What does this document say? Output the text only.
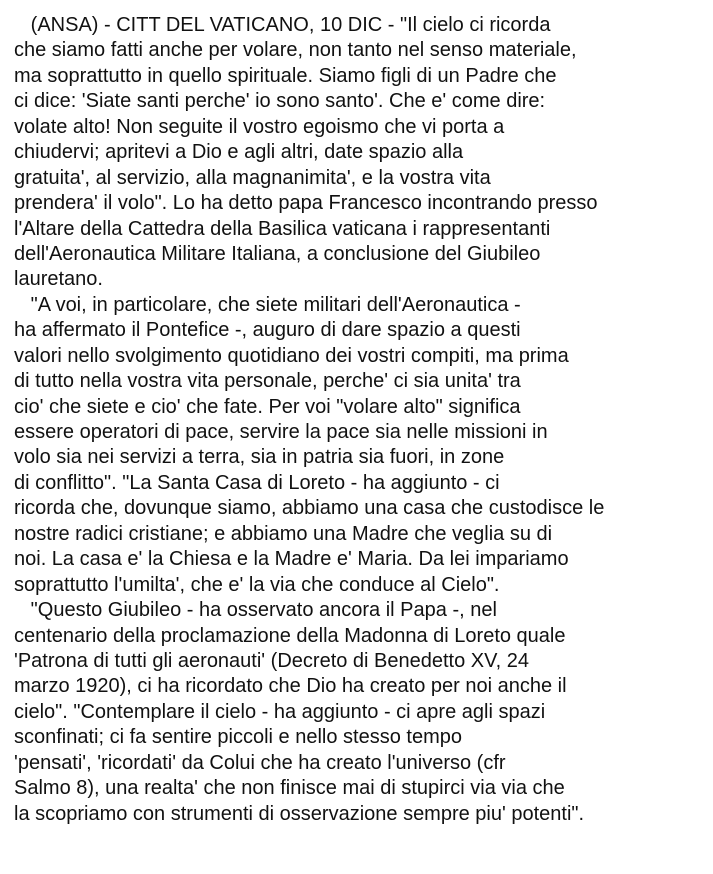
(ANSA) - CITT DEL VATICANO, 10 DIC - "Il cielo ci ricorda
che siamo fatti anche per volare, non tanto nel senso materiale,
ma soprattutto in quello spirituale. Siamo figli di un Padre che
ci dice: 'Siate santi perche' io sono santo'. Che e' come dire:
volate alto! Non seguite il vostro egoismo che vi porta a
chiudervi; apritevi a Dio e agli altri, date spazio alla
gratuita', al servizio, alla magnanimita', e la vostra vita
prendera' il volo". Lo ha detto papa Francesco incontrando presso
l'Altare della Cattedra della Basilica vaticana i rappresentanti
dell'Aeronautica Militare Italiana, a conclusione del Giubileo
lauretano.
"A voi, in particolare, che siete militari dell'Aeronautica -
ha affermato il Pontefice -, auguro di dare spazio a questi
valori nello svolgimento quotidiano dei vostri compiti, ma prima
di tutto nella vostra vita personale, perche' ci sia unita' tra
cio' che siete e cio' che fate. Per voi "volare alto" significa
essere operatori di pace, servire la pace sia nelle missioni in
volo sia nei servizi a terra, sia in patria sia fuori, in zone
di conflitto". "La Santa Casa di Loreto - ha aggiunto - ci
ricorda che, dovunque siamo, abbiamo una casa che custodisce le
nostre radici cristiane; e abbiamo una Madre che veglia su di
noi. La casa e' la Chiesa e la Madre e' Maria. Da lei impariamo
soprattutto l'umilta', che e' la via che conduce al Cielo".
"Questo Giubileo - ha osservato ancora il Papa -, nel
centenario della proclamazione della Madonna di Loreto quale
'Patrona di tutti gli aeronauti' (Decreto di Benedetto XV, 24
marzo 1920), ci ha ricordato che Dio ha creato per noi anche il
cielo". "Contemplare il cielo - ha aggiunto - ci apre agli spazi
sconfinati; ci fa sentire piccoli e nello stesso tempo
'pensati', 'ricordati' da Colui che ha creato l'universo (cfr
Salmo 8), una realta' che non finisce mai di stupirci via via che
la scopriamo con strumenti di osservazione sempre piu' potenti".
